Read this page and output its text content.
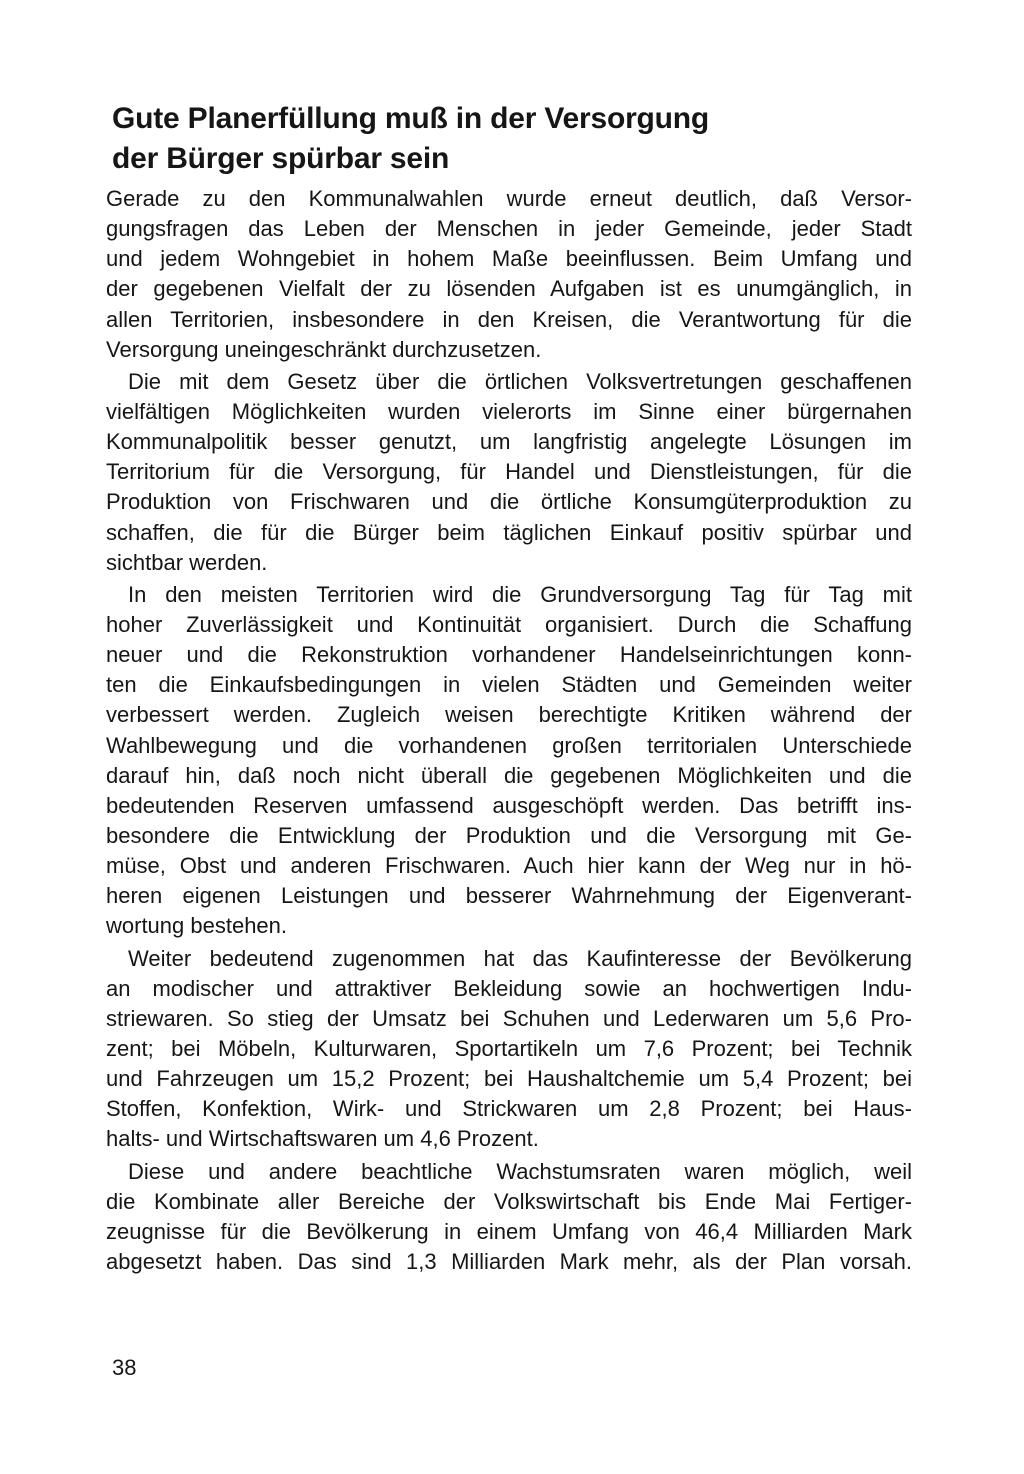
Gute Planerfüllung muß in der Versorgung
der Bürger spürbar sein

Gerade zu den Kommunalwahlen wurde erneut deutlich, daß Versor-
gungsfragen das Leben der Menschen in jeder Gemeinde, jeder Stadt
und jedem Wohngebiet in hohem Maße beeinflussen. Beim Umfang und
der gegebenen Vielfalt der zu lösenden Aufgaben ist es unumgänglich, in
allen Territorien, insbesondere in den Kreisen, die Verantwortung für die
Versorgung uneingeschränkt durchzusetzen.

Die mit dem Gesetz über die örtlichen Volksvertretungen geschaffenen
vielfältigen Möglichkeiten wurden vielerorts im Sinne einer bürgernahen
Kommunalpolitik besser genutzt, um langfristig angelegte Lösungen im
Territorium für die Versorgung, für Handel und Dienstleistungen, für die
Produktion von Frischwaren und die örtliche Konsumgüterproduktion zu
schaffen, die für die Bürger beim täglichen Einkauf positiv spürbar und
sichtbar werden.

In den meisten Territorien wird die Grundversorgung Tag für Tag mit
hoher Zuverlässigkeit und Kontinuität organisiert. Durch die Schaffung
neuer und die Rekonstruktion vorhandener Handelseinrichtungen konn-
ten die Einkaufsbedingungen in vielen Städten und Gemeinden weiter
verbessert werden. Zugleich weisen berechtigte Kritiken während der
Wahlbewegung und die vorhandenen großen territorialen Unterschiede
darauf hin, daß noch nicht überall die gegebenen Möglichkeiten und die
bedeutenden Reserven umfassend ausgeschöpft werden. Das betrifft ins-
besondere die Entwicklung der Produktion und die Versorgung mit Ge-
müse, Obst und anderen Frischwaren. Auch hier kann der Weg nur in hö-
heren eigenen Leistungen und besserer Wahrnehmung der Eigenverant-
wortung bestehen.

Weiter bedeutend zugenommen hat das Kaufinteresse der Bevölkerung
an modischer und attraktiver Bekleidung sowie an hochwertigen Indu-
striewaren. So stieg der Umsatz bei Schuhen und Lederwaren um 5,6 Pro-
zent; bei Möbeln, Kulturwaren, Sportartikeln um 7,6 Prozent; bei Technik
und Fahrzeugen um 15,2 Prozent; bei Haushaltchemie um 5,4 Prozent; bei
Stoffen, Konfektion, Wirk- und Strickwaren um 2,8 Prozent; bei Haus-
halts- und Wirtschaftswaren um 4,6 Prozent.

Diese und andere beachtliche Wachstumsraten waren möglich, weil
die Kombinate aller Bereiche der Volkswirtschaft bis Ende Mai Fertiger-
zeugnisse für die Bevölkerung in einem Umfang von 46,4 Milliarden Mark
abgesetzt haben. Das sind 1,3 Milliarden Mark mehr, als der Plan vorsah.

38
